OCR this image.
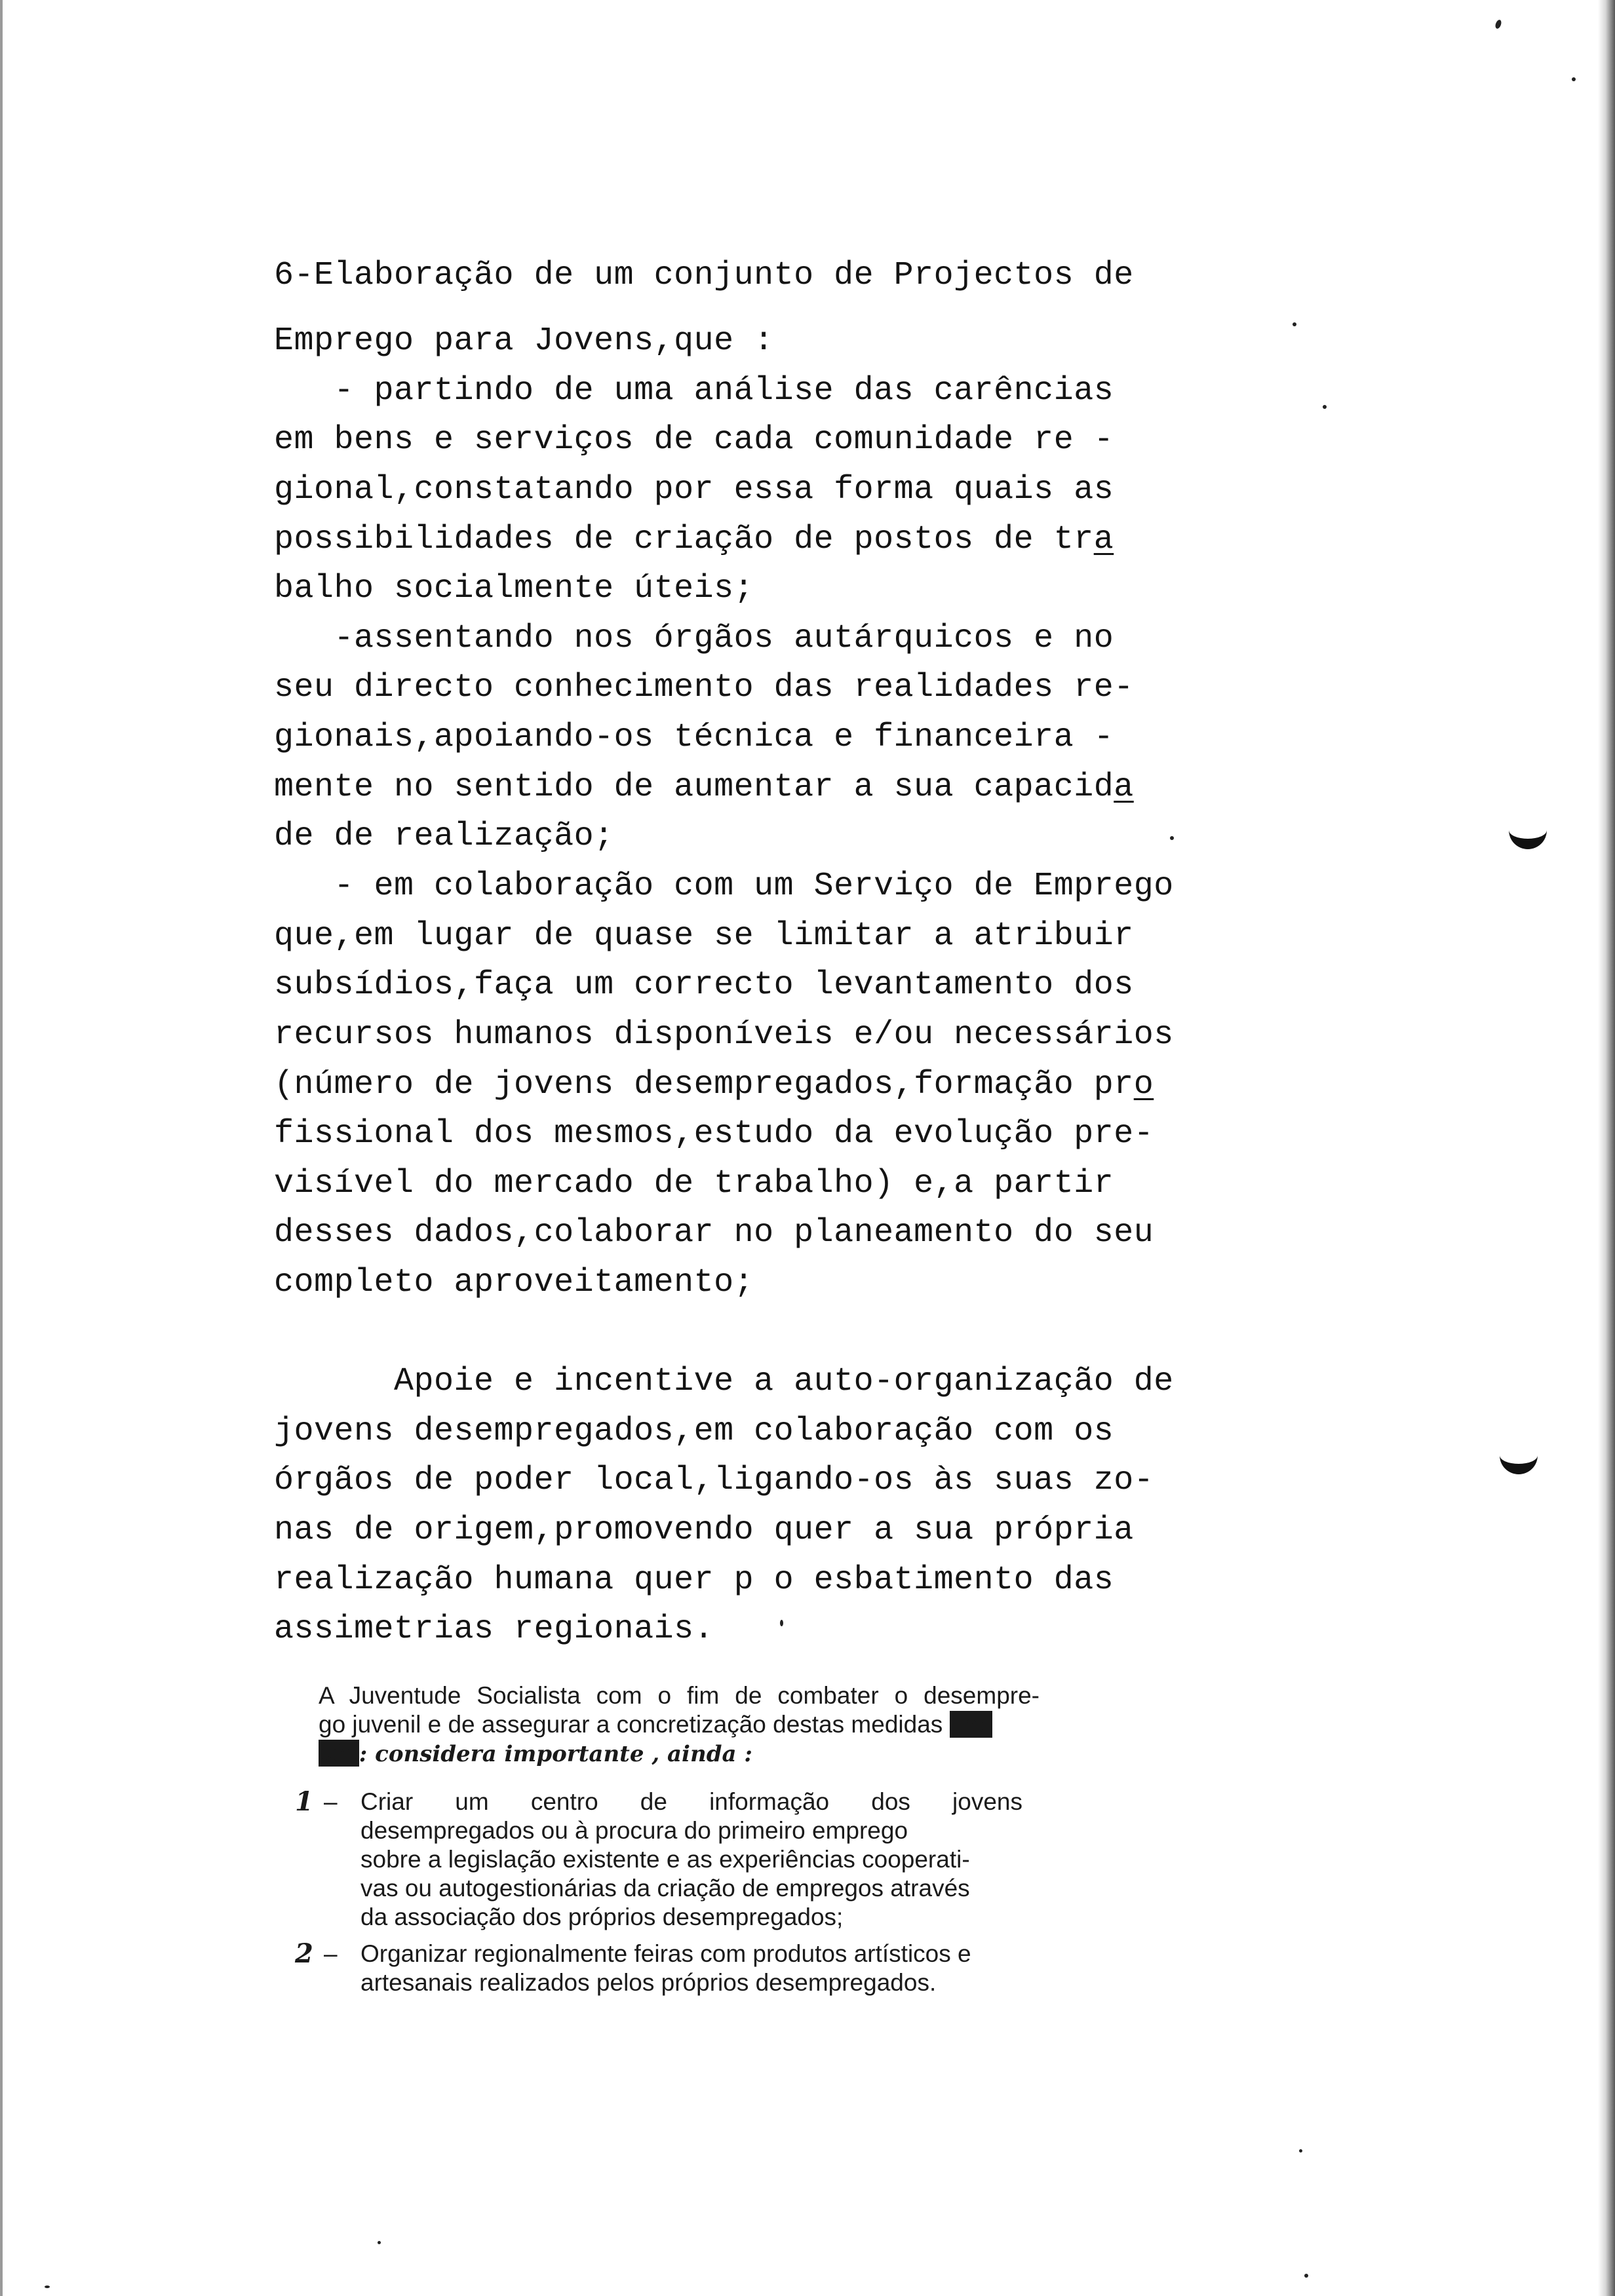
6-Elaboração de um conjunto de Projectos de
Emprego para Jovens,que :
- partindo de uma análise das carências
em bens e serviços de cada comunidade re -
gional,constatando por essa forma quais as
possibilidades de criação de postos de tra
balho socialmente úteis;
-assentando nos órgãos autárquicos e no
seu directo conhecimento das realidades re-
gionais,apoiando-os técnica e financeira -
mente no sentido de aumentar a sua capacida
de de realização;
- em colaboração com um Serviço de Emprego
que,em lugar de quase se limitar a atribuir
subsídios,faça um correcto levantamento dos
recursos humanos disponíveis e/ou necessários
(número de jovens desempregados,formação pro
fissional dos mesmos,estudo da evolução pre-
visível do mercado de trabalho) e,a partir
desses dados,colaborar no planeamento do seu
completo aproveitamento;
Apoie e incentive a auto-organização de
jovens desempregados,em colaboração com os
órgãos de poder local,ligando-os às suas zo-
nas de origem,promovendo quer a sua própria
realização humana quer p o esbatimento das
assimetrias regionais.
A Juventude Socialista com o fim de combater o desempre-
go juvenil e de assegurar a concretização destas medidas pro-
põe: considera importante , ainda :
1 – Criar um centro de informação dos jovens
desempregados ou à procura do primeiro emprego
sobre a legislação existente e as experiências cooperati-
vas ou autogestionárias da criação de empregos através
da associação dos próprios desempregados;
2 – Organizar regionalmente feiras com produtos artísticos e
artesanais realizados pelos próprios desempregados.
